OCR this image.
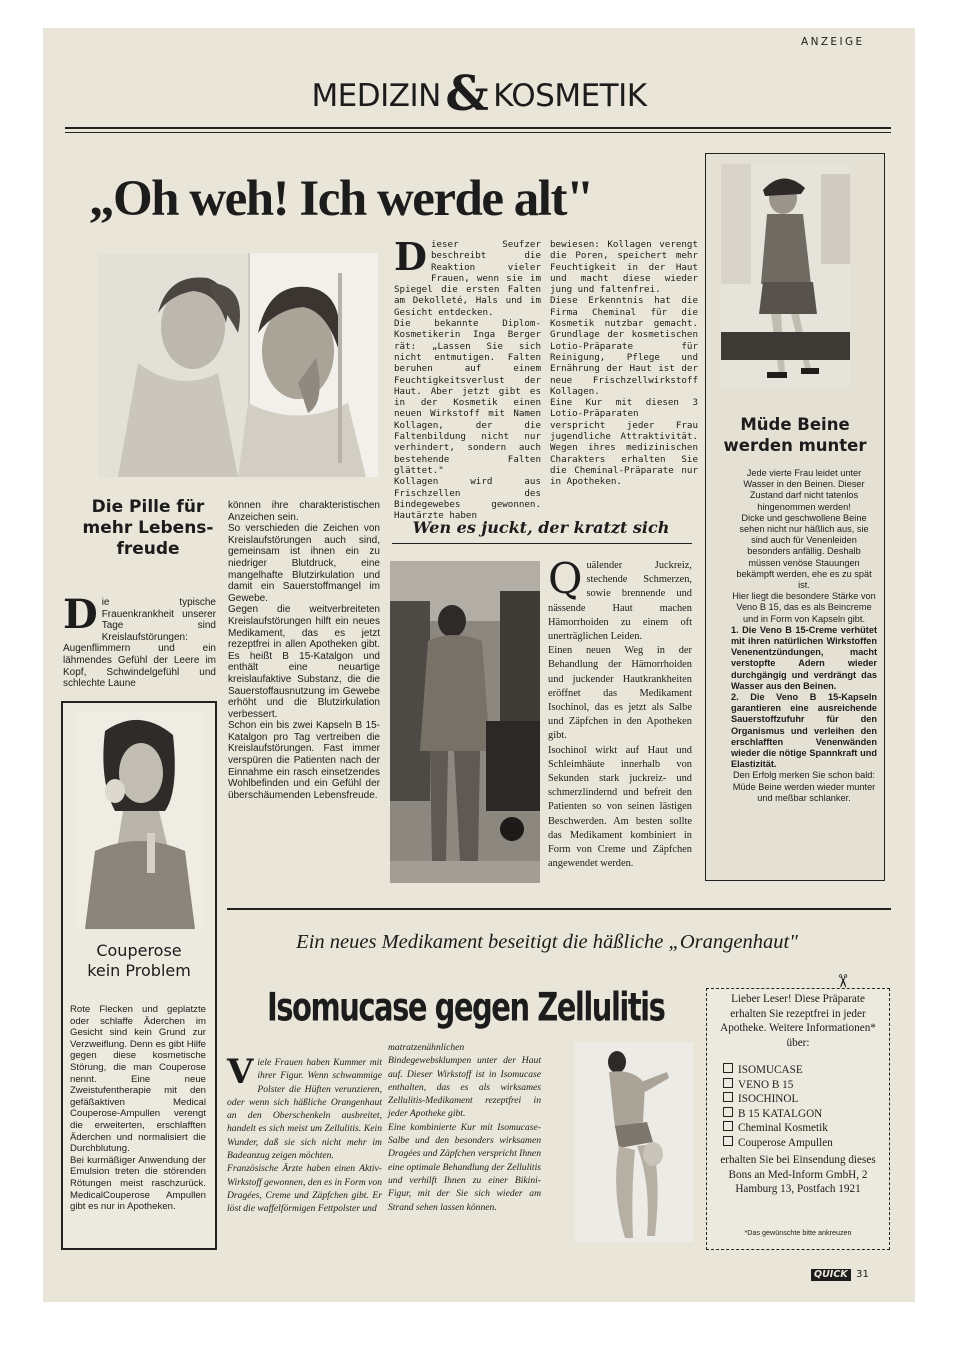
ANZEIGE
MEDIZIN & KOSMETIK
„Oh weh! Ich werde alt"
D ieser Seufzer beschreibt die Reaktion vieler Frauen, wenn sie im Spiegel die ersten Falten am Dekolleté, Hals und im Gesicht entdecken.
Die bekannte Diplom-Kosmetikerin Inga Berger rät: „Lassen Sie sich nicht entmutigen. Falten beruhen auf einem Feuchtigkeitsverlust der Haut. Aber jetzt gibt es in der Kosmetik einen neuen Wirkstoff mit Namen Kollagen, der die Faltenbildung nicht nur verhindert, sondern auch bestehende Falten glättet."
Kollagen wird aus Frischzellen des Bindegewebes gewonnen. Hautärzte haben
bewiesen: Kollagen verengt die Poren, speichert mehr Feuchtigkeit in der Haut und macht diese wieder jung und faltenfrei.
Diese Erkenntnis hat die Firma Cheminal für die Kosmetik nutzbar gemacht. Grundlage der kosmetischen Lotio-Präparate für Reinigung, Pflege und Ernährung der Haut ist der neue Frischzellwirkstoff Kollagen.
Eine Kur mit diesen 3 Lotio-Präparaten verspricht jeder Frau jugendliche Attraktivität. Wegen ihres medizinischen Charakters erhalten Sie die Cheminal-Präparate nur in Apotheken.
Müde Beine
werden munter
Jede vierte Frau leidet unter Wasser in den Beinen. Dieser Zustand darf nicht tatenlos hingenommen werden!
Dicke und geschwollene Beine sehen nicht nur häßlich aus, sie sind auch für Venenleiden besonders anfällig. Deshalb müssen venöse Stauungen bekämpft werden, ehe es zu spät ist.
Hier liegt die besondere Stärke von Veno B 15, das es als Beincreme und in Form von Kapseln gibt.
1. Die Veno B 15-Creme verhütet mit ihren natürlichen Wirkstoffen Venenentzündungen, macht verstopfte Adern wieder durchgängig und verdrängt das Wasser aus den Beinen.
2. Die Veno B 15-Kapseln garantieren eine ausreichende Sauerstoffzufuhr für den Organismus und verleihen den erschlafften Venenwänden wieder die nötige Spannkraft und Elastizität.
Den Erfolg merken Sie schon bald: Müde Beine werden wieder munter und meßbar schlanker.
Die Pille für mehr Lebens-freude
D ie typische Frauenkrankheit unserer Tage sind Kreislaufstörungen: Augenflimmern und ein lähmendes Gefühl der Leere im Kopf, Schwindelgefühl und schlechte Laune
können ihre charakteristischen Anzeichen sein.
So verschieden die Zeichen von Kreislaufstörungen auch sind, gemeinsam ist ihnen ein zu niedriger Blutdruck, eine mangelhafte Blutzirkulation und damit ein Sauerstoffmangel im Gewebe.
Gegen die weitverbreiteten Kreislaufstörungen hilft ein neues Medikament, das es jetzt rezeptfrei in allen Apotheken gibt. Es heißt B 15-Katalgon und enthält eine neuartige kreislaufaktive Substanz, die die Sauerstoffausnutzung im Gewebe erhöht und die Blutzirkulation verbessert.
Schon ein bis zwei Kapseln B 15-Katalgon pro Tag vertreiben die Kreislaufstörungen. Fast immer verspüren die Patienten nach der Einnahme ein rasch einsetzendes Wohlbefinden und ein Gefühl der überschäumenden Lebensfreude.
Wen es juckt, der kratzt sich
Q uälender Juckreiz, stechende Schmerzen, sowie brennende und nässende Haut machen Hämorrhoiden zu einem oft unerträglichen Leiden.
Einen neuen Weg in der Behandlung der Hämorrhoiden und juckender Hautkrankheiten eröffnet das Medikament Isochinol, das es jetzt als Salbe und Zäpfchen in den Apotheken gibt.
Isochinol wirkt auf Haut und Schleimhäute innerhalb von Sekunden stark juckreiz- und schmerzlindernd und befreit den Patienten so von seinen lästigen Beschwerden. Am besten sollte das Medikament kombiniert in Form von Creme und Zäpfchen angewendet werden.
Couperose
kein Problem
Rote Flecken und geplatzte oder schlaffe Äderchen im Gesicht sind kein Grund zur Verzweiflung. Denn es gibt Hilfe gegen diese kosmetische Störung, die man Couperose nennt. Eine neue Zweistufentherapie mit den gefäßaktiven Medical Couperose-Ampullen verengt die erweiterten, erschlafften Äderchen und normalisiert die Durchblutung.
Bei kurmäßiger Anwendung der Emulsion treten die störenden Rötungen meist raschzurück. MedicalCouperose Ampullen gibt es nur in Apotheken.
Ein neues Medikament beseitigt die häßliche „Orangenhaut"
Isomucase gegen Zellulitis
V iele Frauen haben Kummer mit ihrer Figur. Wenn schwammige Polster die Hüften verunzieren, oder wenn sich häßliche Orangenhaut an den Oberschenkeln ausbreitet, handelt es sich meist um Zellulitis. Kein Wunder, daß sie sich nicht mehr im Badeanzug zeigen möchten.
Französische Ärzte haben einen Aktiv-Wirkstoff gewonnen, den es in Form von Dragées, Creme und Zäpfchen gibt. Er löst die waffelförmigen Fettpolster und
matratzenähnlichen Bindegewebsklumpen unter der Haut auf. Dieser Wirkstoff ist in Isomucase enthalten, das es als wirksames Zellulitis-Medikament rezeptfrei in jeder Apotheke gibt.
Eine kombinierte Kur mit Isomucase-Salbe und den besonders wirksamen Dragées und Zäpfchen verspricht Ihnen eine optimale Behandlung der Zellulitis und verhilft Ihnen zu einer Bikini-Figur, mit der Sie sich wieder am Strand sehen lassen können.
✂
Lieber Leser! Diese Präparate erhalten Sie rezeptfrei in jeder Apotheke. Weitere Informationen* über:
ISOMUCASE
VENO B 15
ISOCHINOL
B 15 KATALGON
Cheminal Kosmetik
Couperose Ampullen
erhalten Sie bei Einsendung dieses Bons an Med-Inform GmbH, 2 Hamburg 13, Postfach 1921
*Das gewünschte bitte ankreuzen
QUICK 31
